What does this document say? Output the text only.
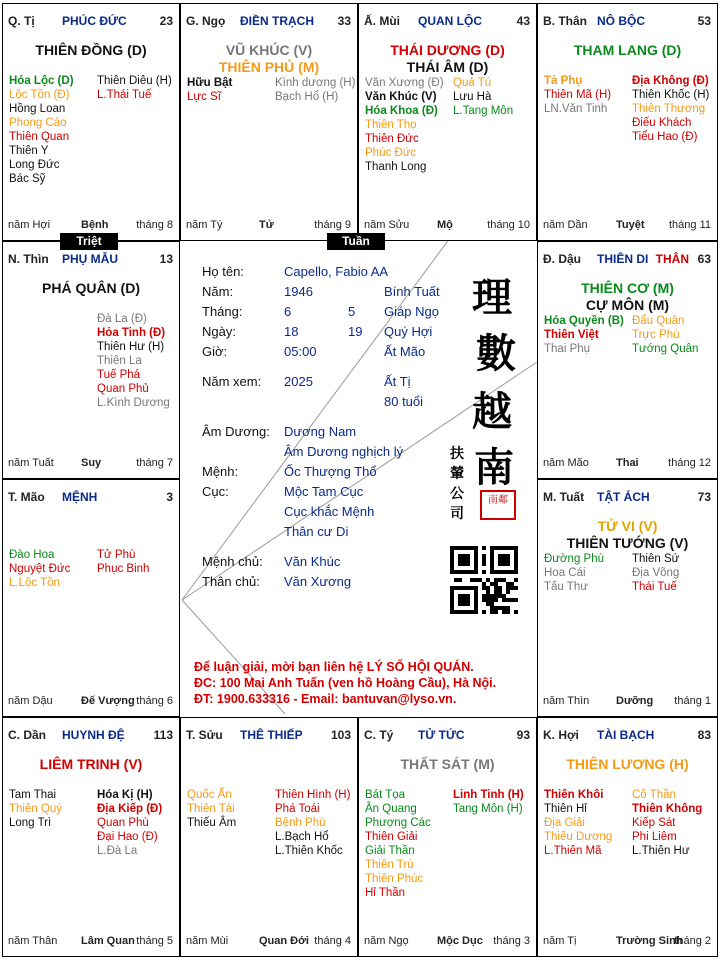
Họ tên:	Capello, Fabio AA
Năm:	1946	Bính Tuất
Tháng:	6	5 Giáp Ngọ
Ngày:	18	19 Quý Hợi
Giờ:	05:00	Ất Mão
Năm xem: 2025	Ất Tị
80 tuổi
Âm Dương: Dương Nam
Âm Dương nghịch lý
Mệnh:	Ốc Thượng Thổ
Cục:	Mộc Tam Cục
Cục khắc Mệnh
Thân cư Di
Mệnh chủ: Văn Khúc
Thân chủ: Văn Xương
理
數
越
南
扶
輦
公
司
南鄰
Để luận giải, mời bạn liên hệ LÝ SỐ HỘI QUÁN.
ĐC: 100 Mai Anh Tuấn (ven hồ Hoàng Cầu), Hà Nội.
ĐT: 1900.633316 - Email: bantuvan@lyso.vn.
Triệt	Tuần
Q. Tị PHÚC ĐỨC	23
THIÊN ĐỒNG (D)
Hóa Lộc (D)
Lộc Tồn (Đ)
Hồng Loan
Phong Cáo
Thiên Quan
Thiên Y
Long Đức
Bác Sỹ
Thiên Diêu (H)
L.Thái Tuế
năm Hợi	Bệnh	tháng 8
G. Ngọ ĐIỀN TRẠCH 33
VŨ KHÚC (V)
THIÊN PHỦ (M)
Hữu Bật
Lực Sĩ
Kình dương (H)
Bạch Hổ (H)
năm Tý	Tử	tháng 9
Ấ. Mùi QUAN LỘC	43
THÁI DƯƠNG (D)
THÁI ÂM (D)
Văn Xương (Đ)
Văn Khúc (V)
Hóa Khoa (Đ)
Thiên Thọ
Thiên Đức
Phúc Đức
Thanh Long
Quả Tú
Lưu Hà
L.Tang Môn
năm Sửu	Mộ	tháng 10
B. Thân NÔ BỘC	53
THAM LANG (D)
Tả Phụ
Thiên Mã (H)
LN.Văn Tinh
Địa Không (Đ)
Thiên Khốc (H)
Thiên Thương
Điếu Khách
Tiểu Hao (Đ)
năm Dần	Tuyệt tháng 11
N. Thìn PHỤ MẪU	13
PHÁ QUÂN (D)
Đà La (Đ)
Hỏa Tinh (Đ)
Thiên Hư (H)
Thiên La
Tuế Phá
Quan Phủ
L.Kình Dương
năm Tuất Suy	tháng 7
Đ. Dậu THIÊN DI THÂN 63
THIÊN CƠ (M)
CỰ MÔN (M)
Hóa Quyền (B)
Thiên Việt
Thai Phụ
Đẩu Quân
Trực Phù
Tướng Quân
năm Mão Thai	tháng 12
T. Mão MỆNH	3
Đào Hoa
Nguyệt Đức
L.Lộc Tồn
Tử Phù
Phục Binh
năm Dậu	Đế Vượng tháng 6
M. Tuất TẬT ÁCH	73
TỬ VI (V)
THIÊN TƯỚNG (V)
Đường Phù
Hoa Cái
Tấu Thư
Thiên Sứ
Địa Võng
Thái Tuế
năm Thìn Dưỡng tháng 1
C. Dần HUYNH ĐỆ 113
LIÊM TRINH (V)
Tam Thai
Thiên Quý
Long Trì
Hóa Kị (H)
Địa Kiếp (Đ)
Quan Phù
Đại Hao (Đ)
L.Đà La
năm Thân Lâm Quan tháng 5
T. Sửu THÊ THIẾP 103
Quốc Ấn
Thiên Tài
Thiếu Âm
Thiên Hình (H)
Phá Toái
Bệnh Phù
L.Bạch Hổ
L.Thiên Khốc
năm Mùi	Quan Đới tháng 4
C. Tý TỬ TỨC	93
THẤT SÁT (M)
Bát Tọa
Ân Quang
Phượng Các
Thiên Giải
Giải Thần
Thiên Trù
Thiên Phúc
Hỉ Thần
Linh Tinh (H)
Tang Môn (H)
năm Ngọ	Mộc Dục tháng 3
K. Hợi TÀI BẠCH	83
THIÊN LƯƠNG (H)
Thiên Khôi
Thiên Hỉ
Địa Giải
Thiếu Dương
L.Thiên Mã
Cô Thần
Thiên Không
Kiếp Sát
Phi Liêm
L.Thiên Hư
năm Tị	Trường Sinh
tháng 2
